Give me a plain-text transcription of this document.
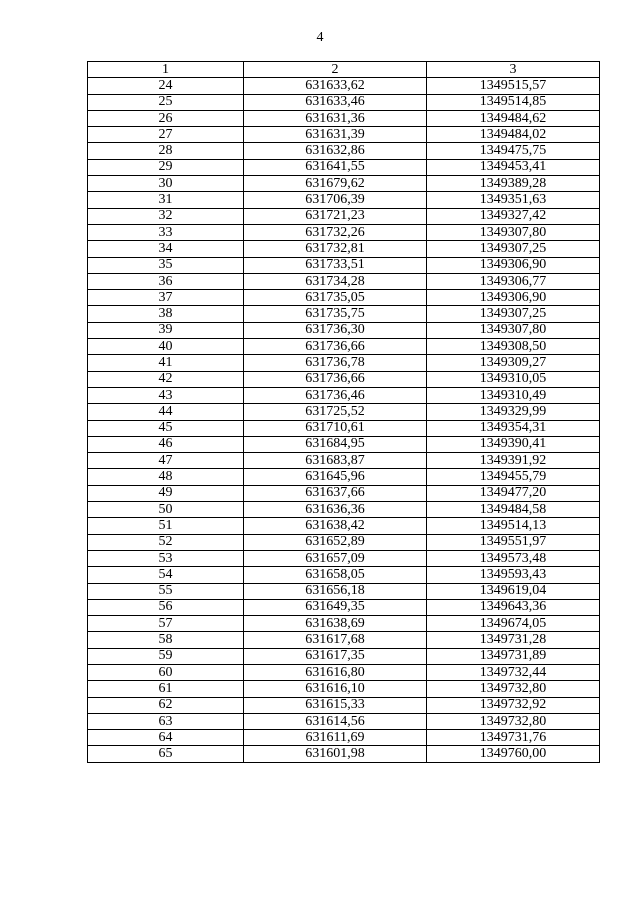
4
1	2	3
24	631633,62	1349515,57
25	631633,46	1349514,85
26	631631,36	1349484,62
27	631631,39	1349484,02
28	631632,86	1349475,75
29	631641,55	1349453,41
30	631679,62	1349389,28
31	631706,39	1349351,63
32	631721,23	1349327,42
33	631732,26	1349307,80
34	631732,81	1349307,25
35	631733,51	1349306,90
36	631734,28	1349306,77
37	631735,05	1349306,90
38	631735,75	1349307,25
39	631736,30	1349307,80
40	631736,66	1349308,50
41	631736,78	1349309,27
42	631736,66	1349310,05
43	631736,46	1349310,49
44	631725,52	1349329,99
45	631710,61	1349354,31
46	631684,95	1349390,41
47	631683,87	1349391,92
48	631645,96	1349455,79
49	631637,66	1349477,20
50	631636,36	1349484,58
51	631638,42	1349514,13
52	631652,89	1349551,97
53	631657,09	1349573,48
54	631658,05	1349593,43
55	631656,18	1349619,04
56	631649,35	1349643,36
57	631638,69	1349674,05
58	631617,68	1349731,28
59	631617,35	1349731,89
60	631616,80	1349732,44
61	631616,10	1349732,80
62	631615,33	1349732,92
63	631614,56	1349732,80
64	631611,69	1349731,76
65	631601,98	1349760,00
